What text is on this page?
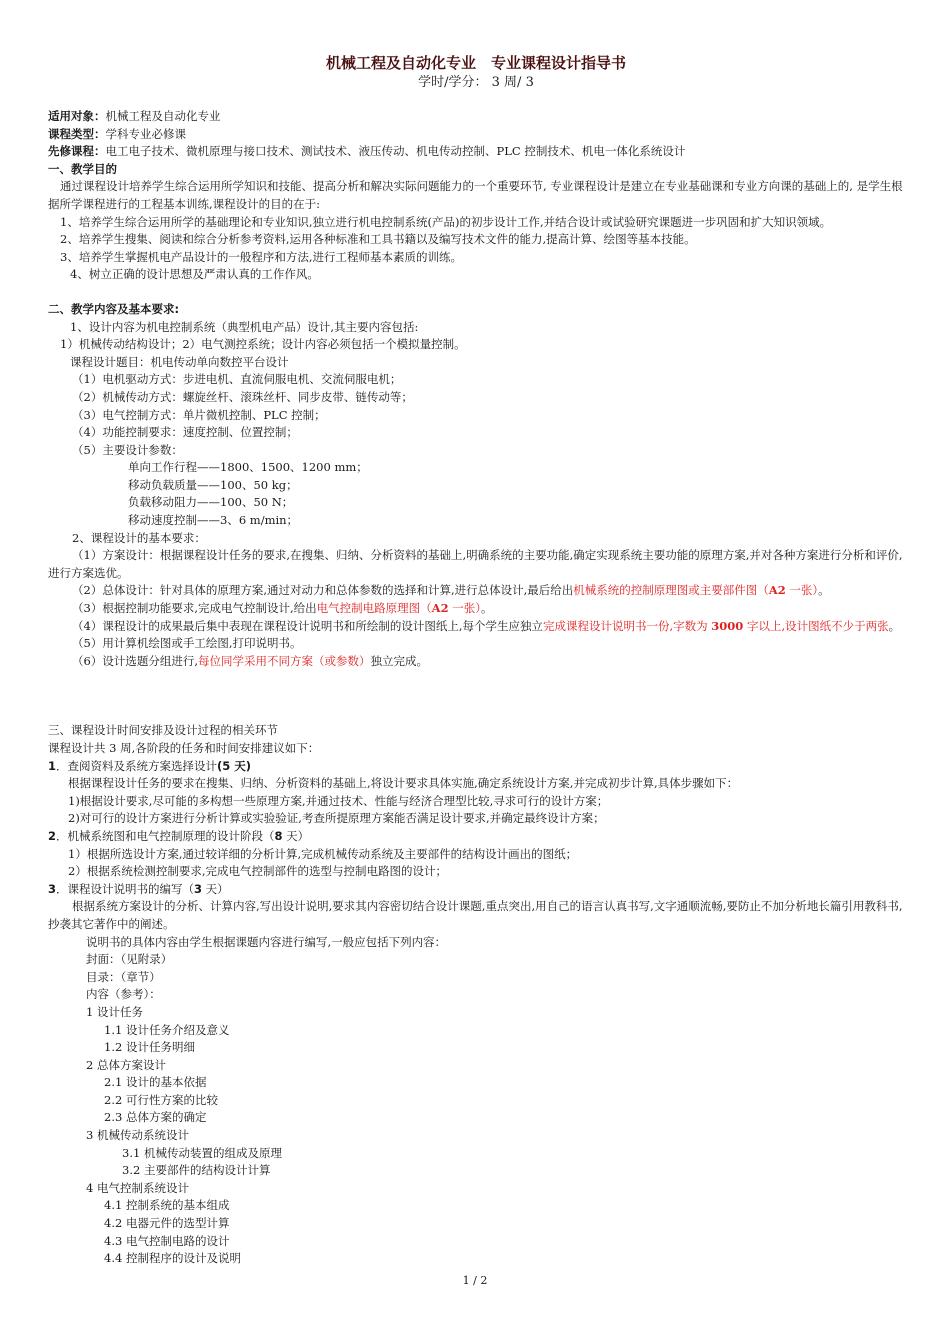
机械工程及自动化专业　专业课程设计指导书
学时/学分： 3 周/ 3
适用对象：机械工程及自动化专业
课程类型：学科专业必修课
先修课程：电工电子技术、微机原理与接口技术、测试技术、液压传动、机电传动控制、PLC 控制技术、机电一体化系统设计
一、教学目的
通过课程设计培养学生综合运用所学知识和技能、提高分析和解决实际问题能力的一个重要环节, 专业课程设计是建立在专业基础课和专业方向课的基础上的, 是学生根据所学课程进行的工程基本训练,课程设计的目的在于:
1、培养学生综合运用所学的基础理论和专业知识,独立进行机电控制系统(产品)的初步设计工作,并结合设计或试验研究课题进一步巩固和扩大知识领域。
2、培养学生搜集、阅读和综合分析参考资料,运用各种标准和工具书籍以及编写技术文件的能力,提高计算、绘图等基本技能。
3、培养学生掌握机电产品设计的一般程序和方法,进行工程师基本素质的训练。
4、树立正确的设计思想及严肃认真的工作作风。
二、教学内容及基本要求:
1、设计内容为机电控制系统（典型机电产品）设计,其主要内容包括:
1）机械传动结构设计；2）电气测控系统；设计内容必须包括一个模拟量控制。
课程设计题目：机电传动单向数控平台设计
（1）电机驱动方式：步进电机、直流伺服电机、交流伺服电机；
（2）机械传动方式：螺旋丝杆、滚珠丝杆、同步皮带、链传动等；
（3）电气控制方式：单片微机控制、PLC 控制；
（4）功能控制要求：速度控制、位置控制；
（5）主要设计参数：
单向工作行程——1800、1500、1200 mm；
移动负载质量——100、50 kg；
负载移动阻力——100、50 N；
移动速度控制——3、6 m/min；
2、课程设计的基本要求：
（1）方案设计：根据课程设计任务的要求,在搜集、归纳、分析资料的基础上,明确系统的主要功能,确定实现系统主要功能的原理方案,并对各种方案进行分析和评价,进行方案选优。
（2）总体设计：针对具体的原理方案,通过对动力和总体参数的选择和计算,进行总体设计,最后给出机械系统的控制原理图或主要部件图（A2 一张）。
（3）根据控制功能要求,完成电气控制设计,给出电气控制电路原理图（A2 一张）。
（4）课程设计的成果最后集中表现在课程设计说明书和所绘制的设计图纸上,每个学生应独立完成课程设计说明书一份,字数为 3000 字以上,设计图纸不少于两张。
（5）用计算机绘图或手工绘图,打印说明书。
（6）设计选题分组进行,每位同学采用不同方案（或参数）独立完成。
三、课程设计时间安排及设计过程的相关环节
课程设计共 3 周,各阶段的任务和时间安排建议如下：
1．查阅资料及系统方案选择设计(5 天)
根据课程设计任务的要求在搜集、归纳、分析资料的基础上,将设计要求具体实施,确定系统设计方案,并完成初步计算,具体步骤如下：
1)根据设计要求,尽可能的多构想一些原理方案,并通过技术、性能与经济合理型比较,寻求可行的设计方案；
2)对可行的设计方案进行分析计算或实验验证,考查所提原理方案能否满足设计要求,并确定最终设计方案；
2．机械系统图和电气控制原理的设计阶段（8 天）
1）根据所选设计方案,通过较详细的分析计算,完成机械传动系统及主要部件的结构设计画出的图纸；
2）根据系统检测控制要求,完成电气控制部件的选型与控制电路图的设计；
3．课程设计说明书的编写（3 天）
根据系统方案设计的分析、计算内容,写出设计说明,要求其内容密切结合设计课题,重点突出,用自己的语言认真书写,文字通顺流畅,要防止不加分析地长篇引用教科书,抄袭其它著作中的阐述。
说明书的具体内容由学生根据课题内容进行编写,一般应包括下列内容：
封面：（见附录）
目录：（章节）
内容（参考）：
1 设计任务
1.1 设计任务介绍及意义
1.2 设计任务明细
2 总体方案设计
2.1 设计的基本依据
2.2 可行性方案的比较
2.3 总体方案的确定
3 机械传动系统设计
3.1 机械传动装置的组成及原理
3.2 主要部件的结构设计计算
4 电气控制系统设计
4.1 控制系统的基本组成
4.2 电器元件的选型计算
4.3 电气控制电路的设计
4.4 控制程序的设计及说明
1 / 2
